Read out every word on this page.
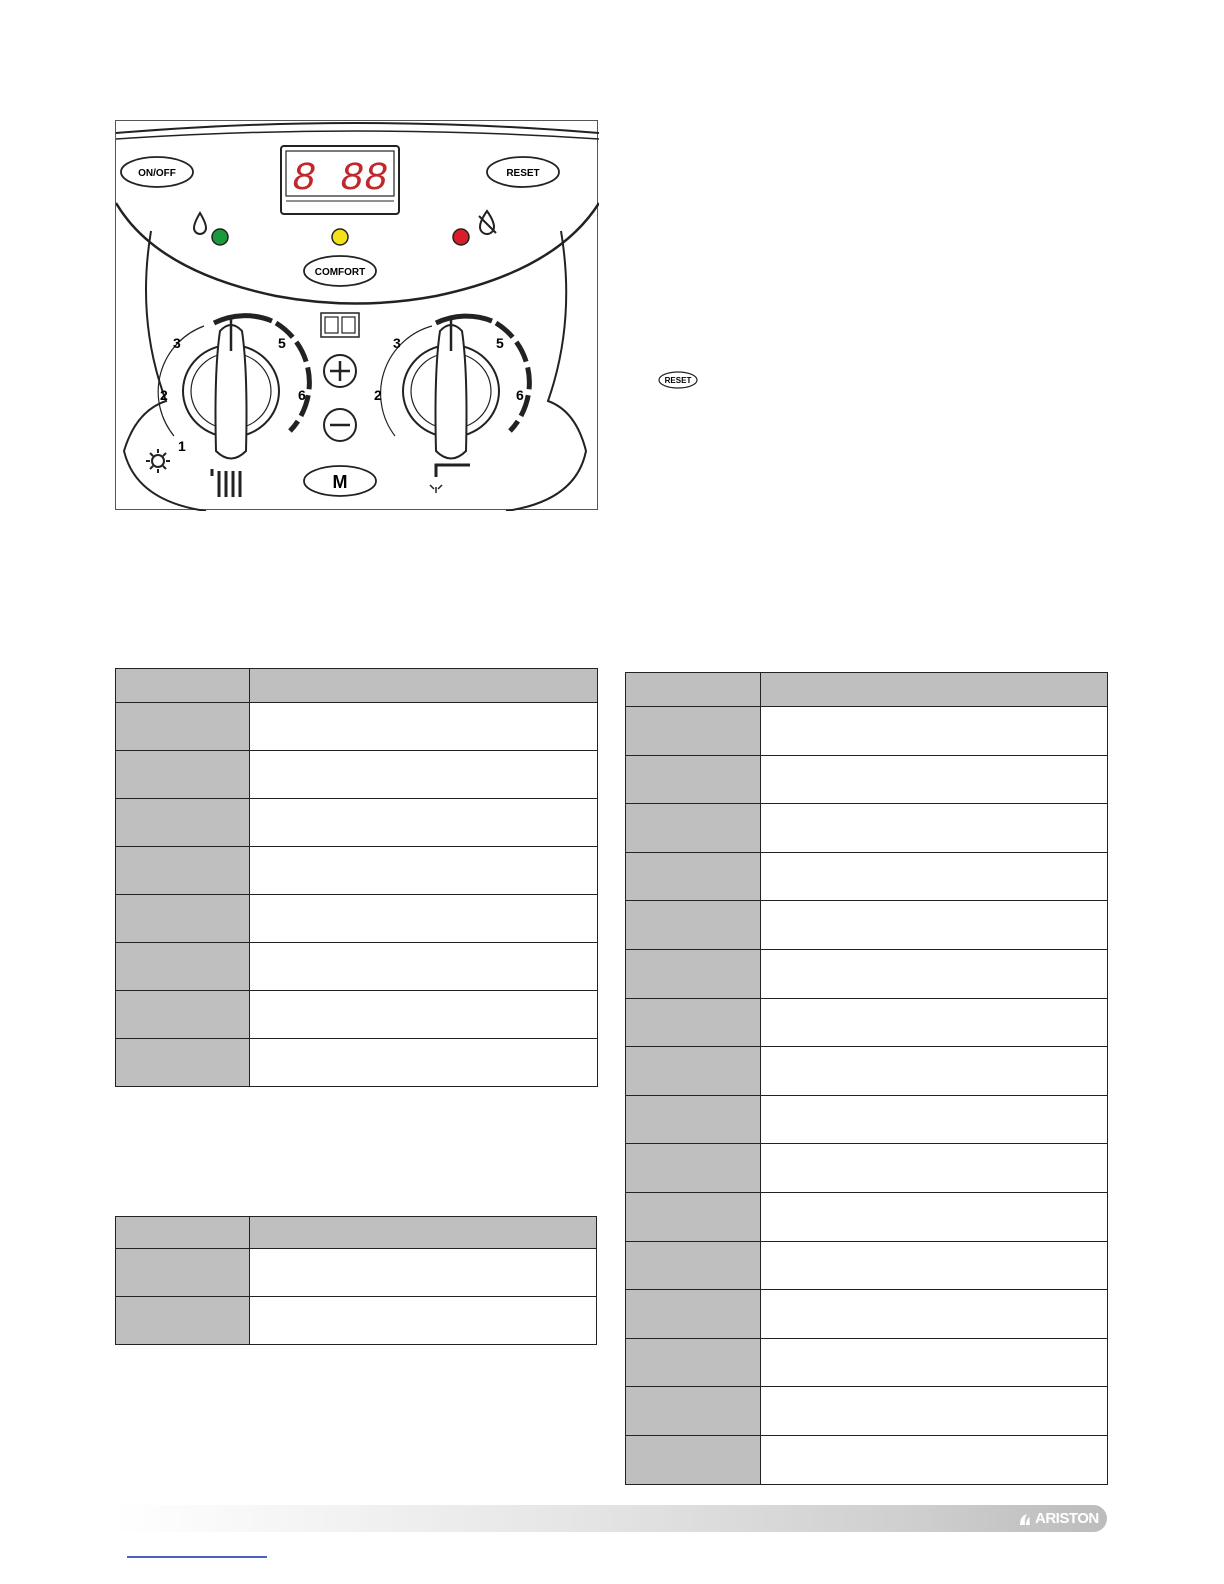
ON/OFF	RESET
8 88
COMFORT
M
2
3	5
6
1
2
3	5
6
RESET

ARISTON
